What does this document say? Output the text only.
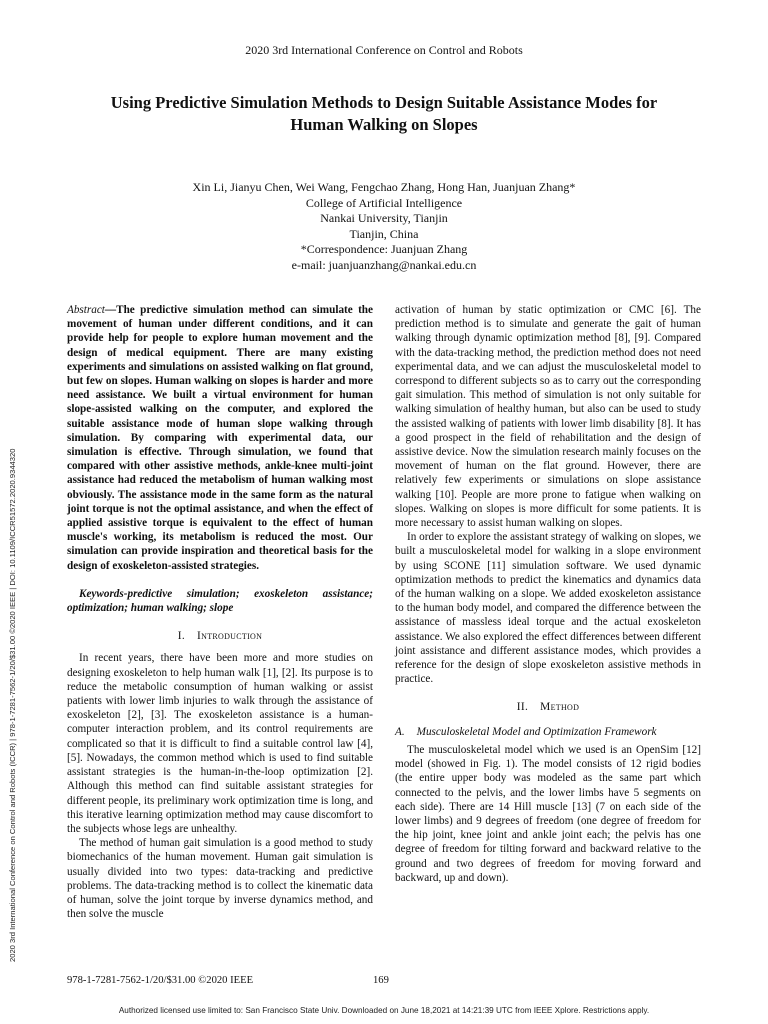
2020 3rd International Conference on Control and Robots
Using Predictive Simulation Methods to Design Suitable Assistance Modes for
Human Walking on Slopes
Xin Li, Jianyu Chen, Wei Wang, Fengchao Zhang, Hong Han, Juanjuan Zhang*
College of Artificial Intelligence
Nankai University, Tianjin
Tianjin, China
*Correspondence: Juanjuan Zhang
e-mail: juanjuanzhang@nankai.edu.cn
2020 3rd International Conference on Control and Robots (ICCR) | 978-1-7281-7562-1/20/$31.00 ©2020 IEEE | DOI: 10.1109/ICCR51572.2020.9344320

Abstract—The predictive simulation method can simulate the movement of human under different conditions, and it can provide help for people to explore human movement and the design of medical equipment. There are many existing experiments and simulations on assisted walking on flat ground, but few on slopes. Human walking on slopes is harder and more need assistance. We built a virtual environment for human slope-assisted walking on the computer, and explored the suitable assistance mode of human slope walking through simulation. By comparing with experimental data, our simulation is effective. Through simulation, we found that compared with other assistive methods, ankle-knee multi-joint assistance had reduced the metabolism of human walking most obviously. The assistance mode in the same form as the natural joint torque is not the optimal assistance, and when the effect of applied assistive torque is equivalent to the effect of human muscle's working, its metabolism is reduced the most. Our simulation can provide inspiration and theoretical basis for the design of exoskeleton-assisted strategies.

Keywords-predictive simulation; exoskeleton assistance; optimization; human walking; slope

I. Introduction

In recent years, there have been more and more studies on designing exoskeleton to help human walk [1], [2]. Its purpose is to reduce the metabolic consumption of human walking or assist patients with lower limb injuries to walk through the assistance of exoskeleton [2], [3]. The exoskeleton assistance is a human-computer interaction problem, and its control requirements are complicated so that it is difficult to find a suitable control law [4], [5]. Nowadays, the common method which is used to find suitable assistant strategies is the human-in-the-loop optimization [2]. Although this method can find suitable assistant strategies for different people, its preliminary work optimization time is long, and this iterative learning optimization method may cause discomfort to the subjects whose legs are unhealthy.

The method of human gait simulation is a good method to study biomechanics of the human movement. Human gait simulation is usually divided into two types: data-tracking and predictive problems. The data-tracking method is to collect the kinematic data of human, solve the joint torque by inverse dynamics method, and then solve the muscle

activation of human by static optimization or CMC [6]. The prediction method is to simulate and generate the gait of human walking through dynamic optimization method [8], [9]. Compared with the data-tracking method, the prediction method does not need experimental data, and we can adjust the musculoskeletal model to correspond to different subjects so as to carry out the corresponding gait simulation. This method of simulation is not only suitable for walking simulation of healthy human, but also can be used to study the assisted walking of patients with lower limb disability [8]. It has a good prospect in the field of rehabilitation and the design of assistive device. Now the simulation research mainly focuses on the movement of human on the flat ground. However, there are relatively few experiments or simulations on slope assistance walking [10]. People are more prone to fatigue when walking on slopes. Walking on slopes is more difficult for some patients. It is more necessary to assist human walking on slopes.

In order to explore the assistant strategy of walking on slopes, we built a musculoskeletal model for walking in a slope environment by using SCONE [11] simulation software. We used dynamic optimization methods to predict the kinematics and dynamics data of the human walking on a slope. We added exoskeleton assistance to the human body model, and compared the difference between the assistance of massless ideal torque and the actual exoskeleton assistance. We also explored the effect differences between different joint assistance and different assistance modes, which provides a reference for the design of slope exoskeleton assistive methods in practice.

II. Method

A. Musculoskeletal Model and Optimization Framework

The musculoskeletal model which we used is an OpenSim [12] model (showed in Fig. 1). The model consists of 12 rigid bodies (the entire upper body was modeled as the same part which connected to the pelvis, and the lower limbs have 5 segments on each side). There are 14 Hill muscle [13] (7 on each side of the lower limbs) and 9 degrees of freedom (one degree of freedom for the hip joint, knee joint and ankle joint each; the pelvis has one degree of freedom for tilting forward and backward relative to the ground and two degrees of freedom for moving forward and backward, up and down).

978-1-7281-7562-1/20/$31.00 ©2020 IEEE	169
Authorized licensed use limited to: San Francisco State Univ. Downloaded on June 18,2021 at 14:21:39 UTC from IEEE Xplore. Restrictions apply.
